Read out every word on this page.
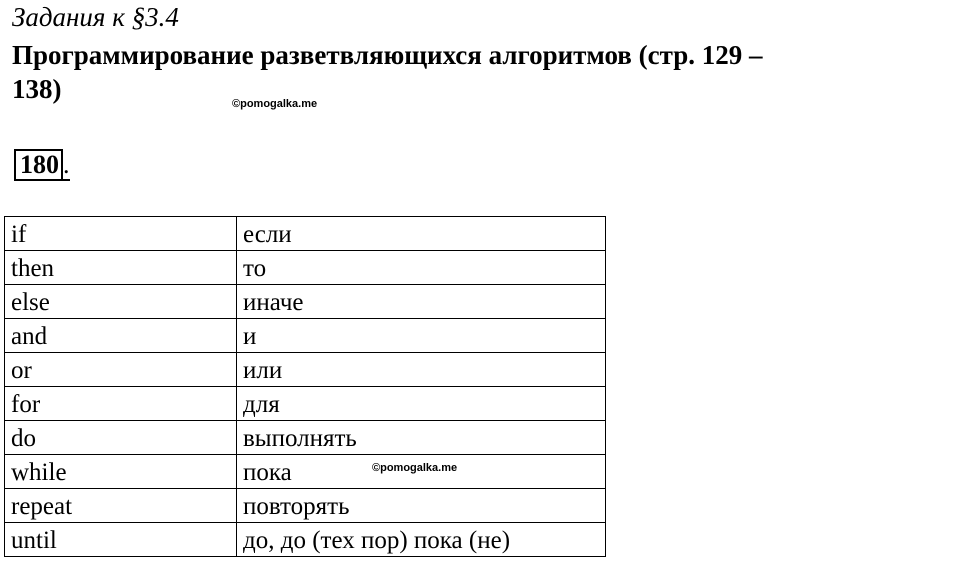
Задания к §3.4
Программирование разветвляющихся алгоритмов (стр. 129 –
138)	©pomogalka.me
180 .
if	если
then	то
else	иначе
and	и
or	или
for	для
do	выполнять
while	пока
repeat	повторять
until	до, до (тех пор) пока (не)
©pomogalka.me
